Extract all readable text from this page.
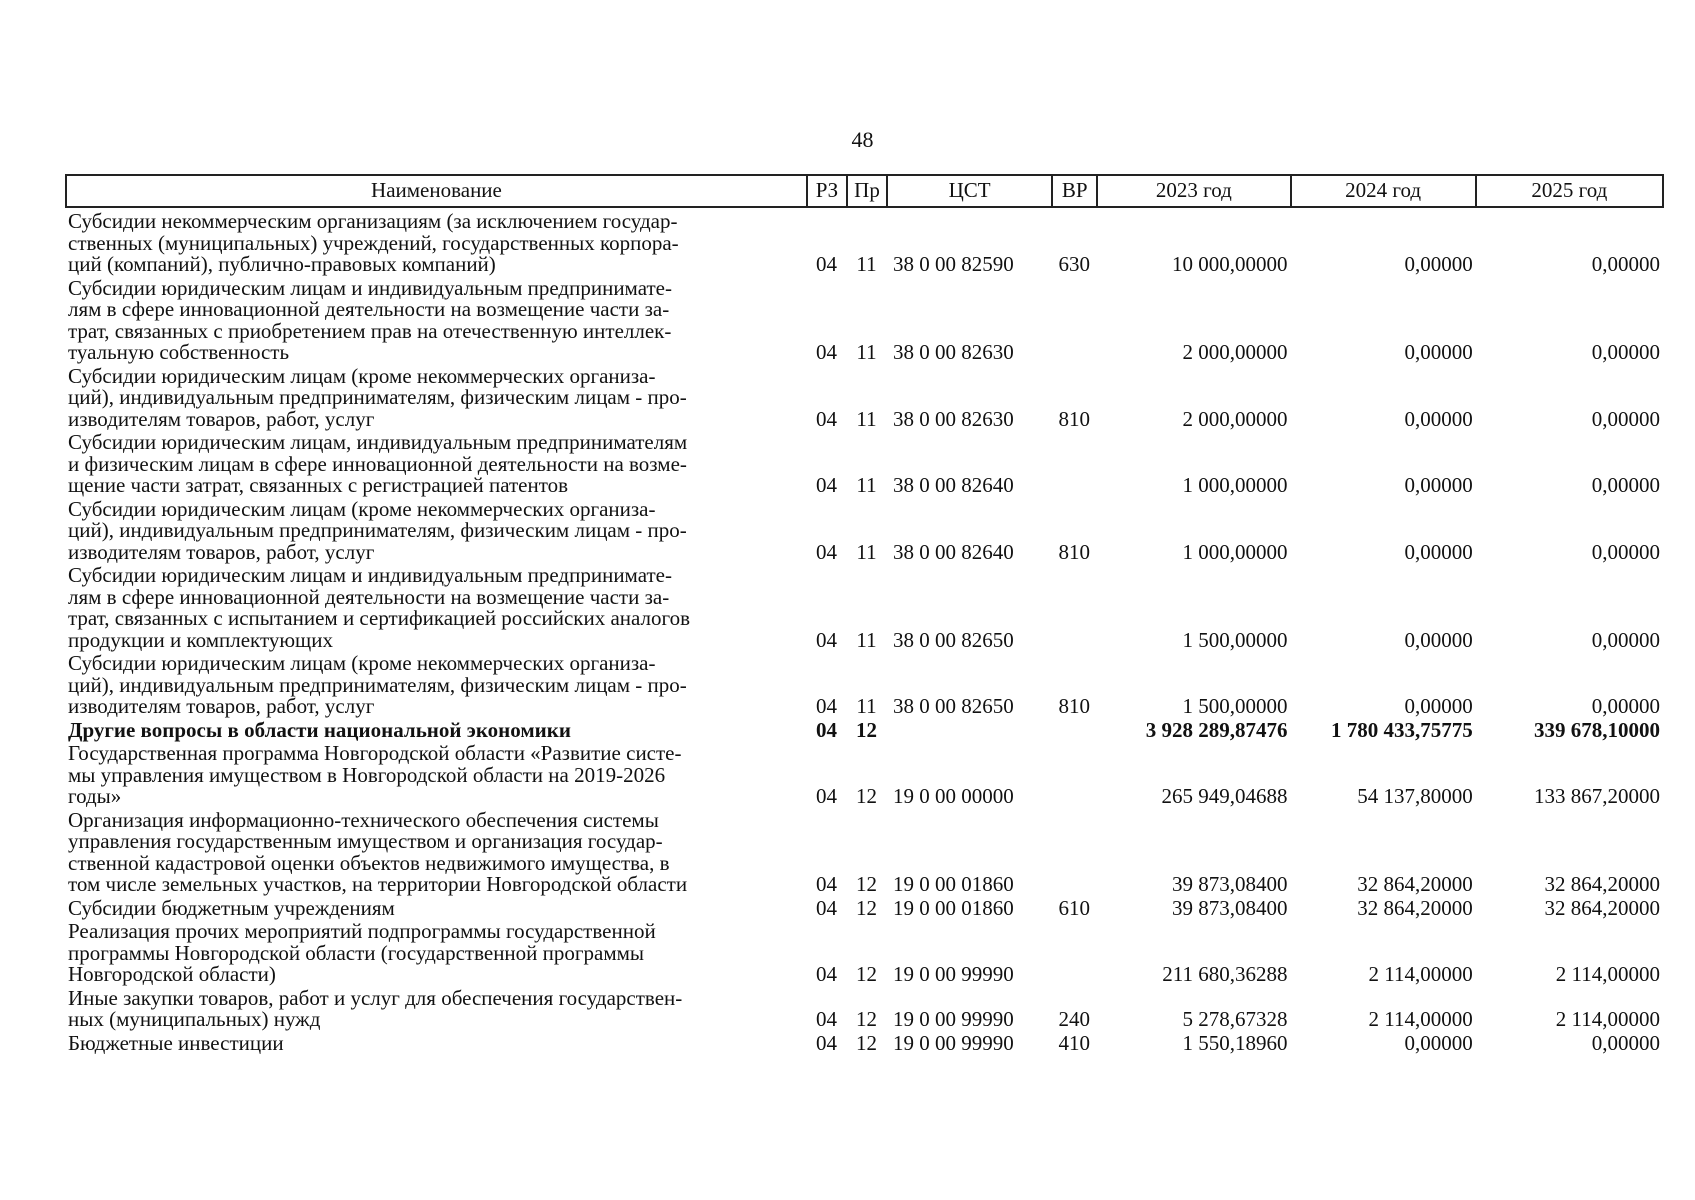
48
Наименование	РЗ	Пр	ЦСТ	ВР	2023 год	2024 год	2025 год
Субсидии некоммерческим организациям (за исключением государ-
ственных (муниципальных) учреждений, государственных корпора-
ций (компаний), публично-правовых компаний)	04	11	38 0 00 82590	630	10 000,00000	0,00000	0,00000
Субсидии юридическим лицам и индивидуальным предпринимате-
лям в сфере инновационной деятельности на возмещение части за-
трат, связанных с приобретением прав на отечественную интеллек-
туальную собственность	04	11	38 0 00 82630		2 000,00000	0,00000	0,00000
Субсидии юридическим лицам (кроме некоммерческих организа-
ций), индивидуальным предпринимателям, физическим лицам - про-
изводителям товаров, работ, услуг	04	11	38 0 00 82630	810	2 000,00000	0,00000	0,00000
Субсидии юридическим лицам, индивидуальным предпринимателям
и физическим лицам в сфере инновационной деятельности на возме-
щение части затрат, связанных с регистрацией патентов	04	11	38 0 00 82640		1 000,00000	0,00000	0,00000
Субсидии юридическим лицам (кроме некоммерческих организа-
ций), индивидуальным предпринимателям, физическим лицам - про-
изводителям товаров, работ, услуг	04	11	38 0 00 82640	810	1 000,00000	0,00000	0,00000
Субсидии юридическим лицам и индивидуальным предпринимате-
лям в сфере инновационной деятельности на возмещение части за-
трат, связанных с испытанием и сертификацией российских аналогов
продукции и комплектующих	04	11	38 0 00 82650		1 500,00000	0,00000	0,00000
Субсидии юридическим лицам (кроме некоммерческих организа-
ций), индивидуальным предпринимателям, физическим лицам - про-
изводителям товаров, работ, услуг	04	11	38 0 00 82650	810	1 500,00000	0,00000	0,00000
Другие вопросы в области национальной экономики	04	12			3 928 289,87476	1 780 433,75775	339 678,10000
Государственная программа Новгородской области «Развитие систе-
мы управления имуществом в Новгородской области на 2019-2026
годы»	04	12	19 0 00 00000		265 949,04688	54 137,80000	133 867,20000
Организация информационно-технического обеспечения системы
управления государственным имуществом и организация государ-
ственной кадастровой оценки объектов недвижимого имущества, в
том числе земельных участков, на территории Новгородской области	04	12	19 0 00 01860		39 873,08400	32 864,20000	32 864,20000
Субсидии бюджетным учреждениям	04	12	19 0 00 01860	610	39 873,08400	32 864,20000	32 864,20000
Реализация прочих мероприятий подпрограммы государственной
программы Новгородской области (государственной программы
Новгородской области)	04	12	19 0 00 99990		211 680,36288	2 114,00000	2 114,00000
Иные закупки товаров, работ и услуг для обеспечения государствен-
ных (муниципальных) нужд	04	12	19 0 00 99990	240	5 278,67328	2 114,00000	2 114,00000
Бюджетные инвестиции	04	12	19 0 00 99990	410	1 550,18960	0,00000	0,00000
